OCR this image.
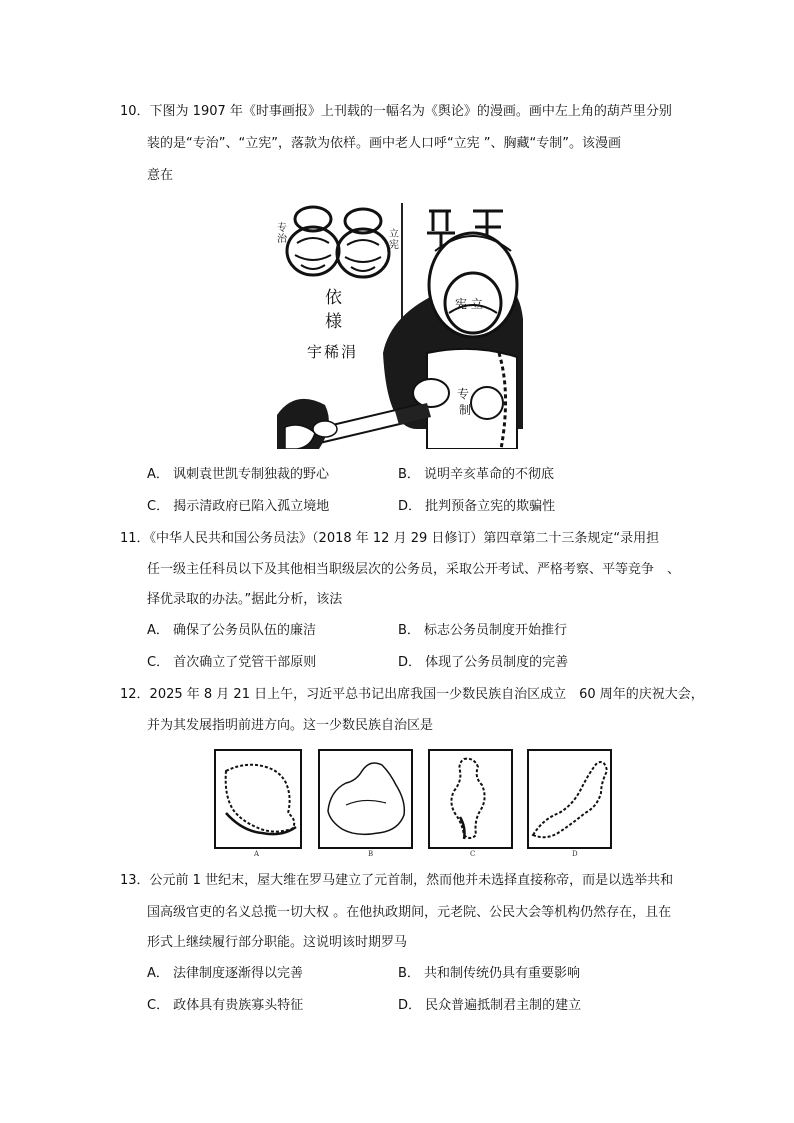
10．下图为 1907 年《时事画报》上刊载的一幅名为《舆论》的漫画。画中左上角的葫芦里分别
装的是“专治”、“立宪”，落款为依样。画中老人口呼“立宪 ”、胸藏“专制”。该漫画
意在
专治	立宪
依
様
宇稀涓
宪 立
专
制
A． 讽刺袁世凯专制独裁的野心	B． 说明辛亥革命的不彻底
C． 揭示清政府已陷入孤立境地	D． 批判预备立宪的欺骗性
11．《中华人民共和国公务员法》（2018 年 12 月 29 日修订）第四章第二十三条规定“录用担
任一级主任科员以下及其他相当职级层次的公务员，采取公开考试、严格考察、平等竞争　、
择优录取的办法。”据此分析，该法
A． 确保了公务员队伍的廉洁	B． 标志公务员制度开始推行
C． 首次确立了党管干部原则	D． 体现了公务员制度的完善
12．2025 年 8 月 21 日上午，习近平总书记出席我国一少数民族自治区成立　60 周年的庆祝大会，
并为其发展指明前进方向。这一少数民族自治区是
A	B	C	D
13．公元前 1 世纪末，屋大维在罗马建立了元首制，然而他并未选择直接称帝，而是以选举共和
国高级官吏的名义总揽一切大权 。在他执政期间，元老院、公民大会等机构仍然存在，且在
形式上继续履行部分职能。这说明该时期罗马
A． 法律制度逐渐得以完善	B． 共和制传统仍具有重要影响
C． 政体具有贵族寡头特征	D． 民众普遍抵制君主制的建立
